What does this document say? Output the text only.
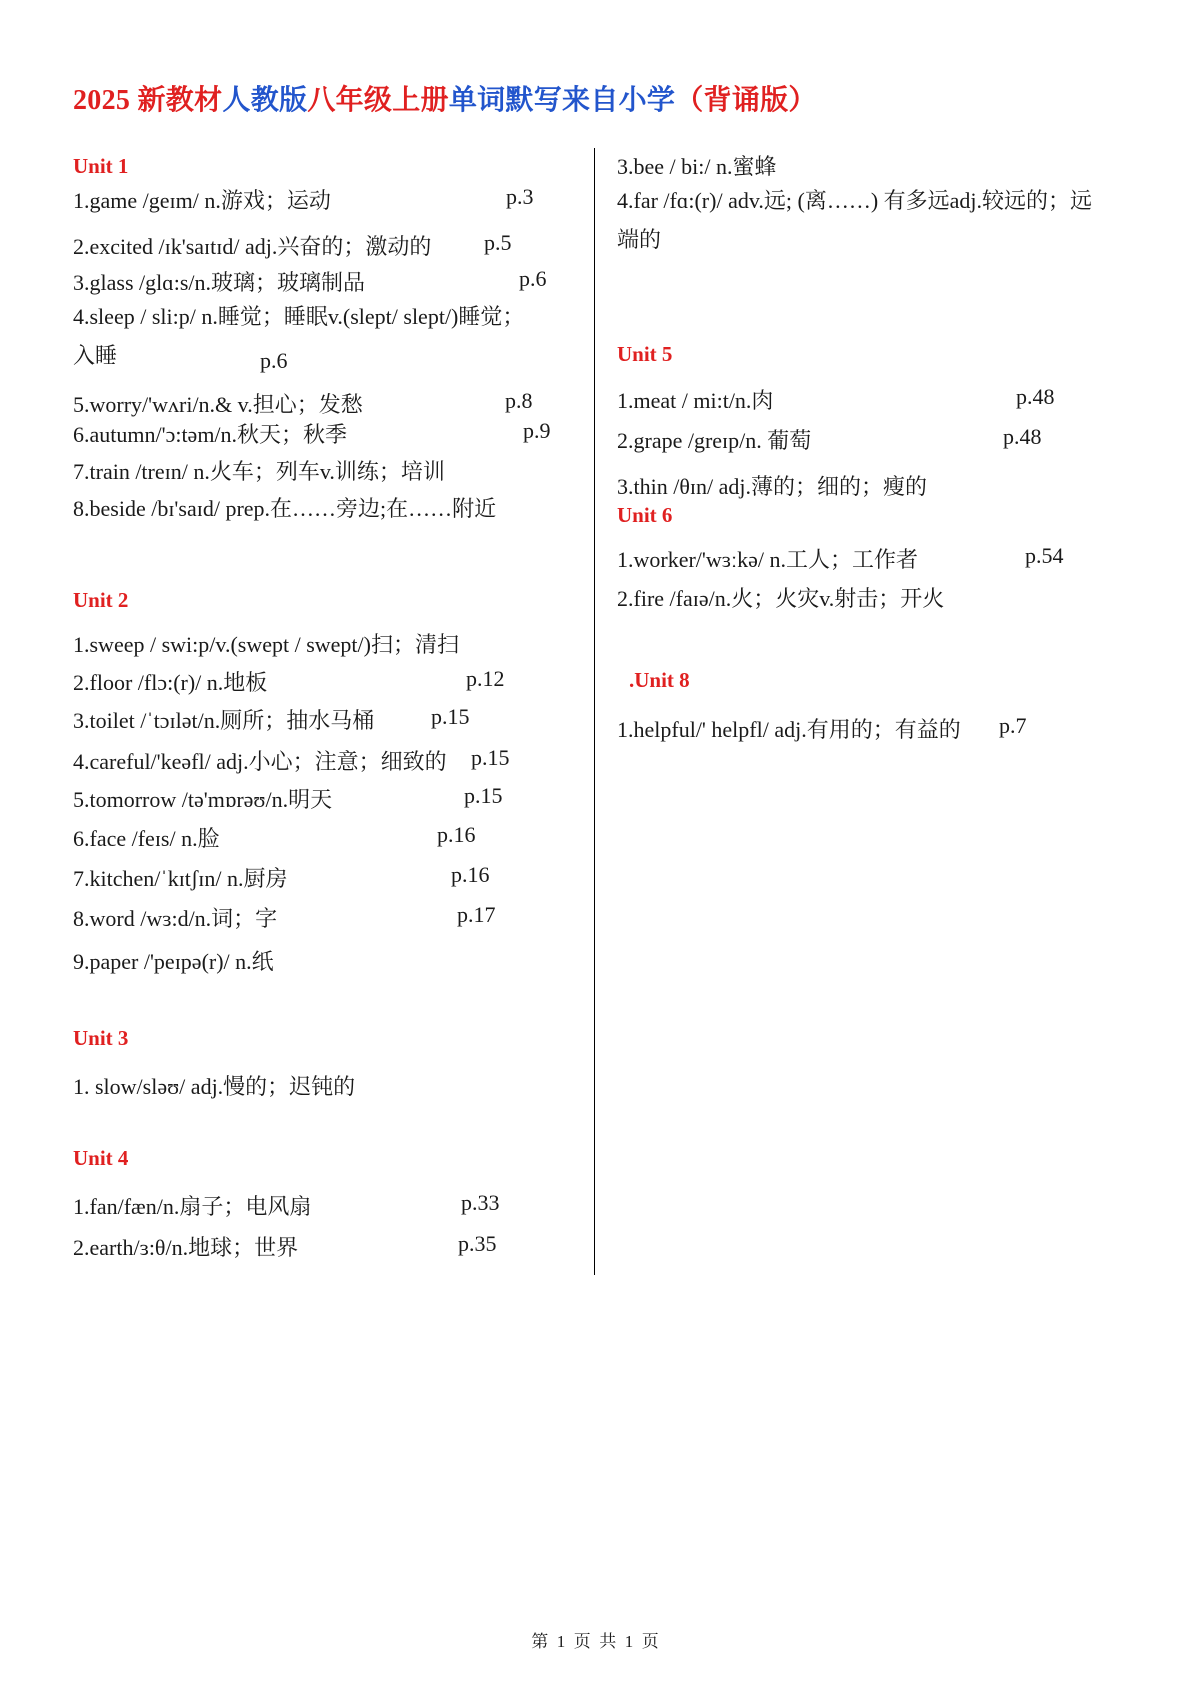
2025 新教材人教版八年级上册单词默写来自小学（背诵版）
Unit 1
1.game /geɪm/ n.游戏；运动	p.3
2.excited /ɪk'saɪtɪd/ adj.兴奋的；激动的 p.5
3.glass /glɑ:s/n.玻璃；玻璃制品	p.6
4.sleep / sli:p/ n.睡觉；睡眠v.(slept/ slept/)睡觉；入睡	p.6
5.worry/'wʌri/n.& v.担心；发愁	p.8
6.autumn/'ɔ:təm/n.秋天；秋季	p.9
7.train /treɪn/ n.火车；列车v.训练；培训
8.beside /bɪ'saɪd/ prep.在……旁边;在……附近
Unit 2
1.sweep / swi:p/v.(swept / swept/)扫；清扫
2.floor /flɔ:(r)/ n.地板	p.12
3.toilet /ˈtɔɪlət/n.厕所；抽水马桶	p.15
4.careful/'keəfl/ adj.小心；注意；细致的 p.15
5.tomorrow /tə'mɒrəʊ/n.明天	p.15
6.face /feɪs/ n.脸	p.16
7.kitchen/ˈkɪtʃɪn/ n.厨房	p.16
8.word /wɜ:d/n.词；字	p.17
9.paper /'peɪpə(r)/ n.纸
Unit 3
1. slow/sləʊ/ adj.慢的；迟钝的
Unit 4
1.fan/fæn/n.扇子；电风扇	p.33
2.earth/ɜ:θ/n.地球；世界	p.35
3.bee / bi:/ n.蜜蜂
4.far /fɑ:(r)/ adv.远; (离……) 有多远adj.较远的；远端的
Unit 5
1.meat / mi:t/n.肉	p.48
2.grape /greɪp/n. 葡萄	p.48
3.thin /θɪn/ adj.薄的；细的；瘦的
Unit 6
1.worker/'wɜːkə/ n.工人；工作者	p.54
2.fire /faɪə/n.火；火灾v.射击；开火
.Unit 8
1.helpful/' helpfl/ adj.有用的；有益的 p.7
第  1  页  共  1  页
